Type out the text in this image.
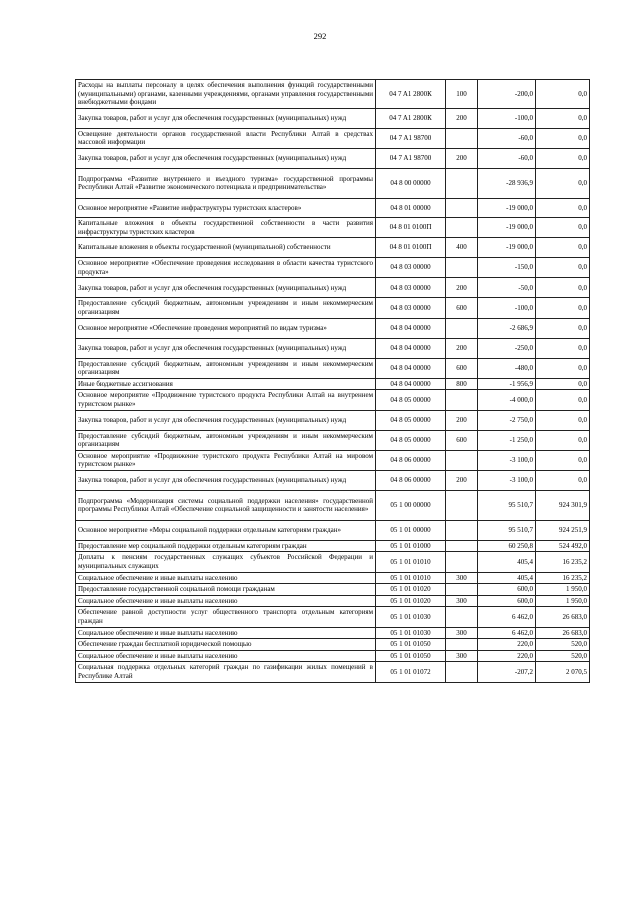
292
Расходы на выплаты персоналу в целях обеспечения выполнения функций государственными (муниципальными) органами, казенными учреждениями, органами управления государственными внебюджетными фондами	04 7 A1 2800К	100	-200,0	0,0
Закупка товаров, работ и услуг для обеспечения государственных (муниципальных) нужд	04 7 A1 2800К	200	-100,0	0,0
Освещение деятельности органов государственной власти Республики Алтай в средствах массовой информации	04 7 A1 98700		-60,0	0,0
Закупка товаров, работ и услуг для обеспечения государственных (муниципальных) нужд	04 7 A1 98700	200	-60,0	0,0
Подпрограмма «Развитие внутреннего и въездного туризма» государственной программы Республики Алтай «Развитие экономического потенциала и предпринимательства»	04 8 00 00000		-28 936,9	0,0
Основное мероприятие «Развитие инфраструктуры туристских кластеров»	04 8 01 00000		-19 000,0	0,0
Капитальные вложения в объекты государственной собственности в части развития инфраструктуры туристских кластеров	04 8 01 0100П		-19 000,0	0,0
Капитальные вложения в объекты государственной (муниципальной) собственности	04 8 01 0100П	400	-19 000,0	0,0
Основное мероприятие «Обеспечение проведения исследования в области качества туристского продукта»	04 8 03 00000		-150,0	0,0
Закупка товаров, работ и услуг для обеспечения государственных (муниципальных) нужд	04 8 03 00000	200	-50,0	0,0
Предоставление субсидий бюджетным, автономным учреждениям и иным некоммерческим организациям	04 8 03 00000	600	-100,0	0,0
Основное мероприятие «Обеспечение проведения мероприятий по видам туризма»	04 8 04 00000		-2 686,9	0,0
Закупка товаров, работ и услуг для обеспечения государственных (муниципальных) нужд	04 8 04 00000	200	-250,0	0,0
Предоставление субсидий бюджетным, автономным учреждениям и иным некоммерческим организациям	04 8 04 00000	600	-480,0	0,0
Иные бюджетные ассигнования	04 8 04 00000	800	-1 956,9	0,0
Основное мероприятие «Продвижение туристского продукта Республики Алтай на внутреннем туристском рынке»	04 8 05 00000		-4 000,0	0,0
Закупка товаров, работ и услуг для обеспечения государственных (муниципальных) нужд	04 8 05 00000	200	-2 750,0	0,0
Предоставление субсидий бюджетным, автономным учреждениям и иным некоммерческим организациям	04 8 05 00000	600	-1 250,0	0,0
Основное мероприятие «Продвижение туристского продукта Республики Алтай на мировом туристском рынке»	04 8 06 00000		-3 100,0	0,0
Закупка товаров, работ и услуг для обеспечения государственных (муниципальных) нужд	04 8 06 00000	200	-3 100,0	0,0
Подпрограмма «Модернизация системы социальной поддержки населения» государственной программы Республики Алтай «Обеспечение социальной защищенности и занятости населения»	05 1 00 00000		95 510,7	924 301,9
Основное мероприятие «Меры социальной поддержки отдельным категориям граждан»	05 1 01 00000		95 510,7	924 251,9
Предоставление мер социальной поддержки отдельным категориям граждан	05 1 01 01000		60 250,8	524 492,0
Доплаты к пенсиям государственных служащих субъектов Российской Федерации и муниципальных служащих	05 1 01 01010		405,4	16 235,2
Социальное обеспечение и иные выплаты населению	05 1 01 01010	300	405,4	16 235,2
Предоставление государственной социальной помощи гражданам	05 1 01 01020		600,0	1 950,0
Социальное обеспечение и иные выплаты населению	05 1 01 01020	300	600,0	1 950,0
Обеспечение равной доступности услуг общественного транспорта отдельным категориям граждан	05 1 01 01030		6 462,0	26 683,0
Социальное обеспечение и иные выплаты населению	05 1 01 01030	300	6 462,0	26 683,0
Обеспечение граждан бесплатной юридической помощью	05 1 01 01050		220,0	520,0
Социальное обеспечение и иные выплаты населению	05 1 01 01050	300	220,0	520,0
Социальная поддержка отдельных категорий граждан по газификации жилых помещений в Республике Алтай	05 1 01 01072		-207,2	2 070,5
